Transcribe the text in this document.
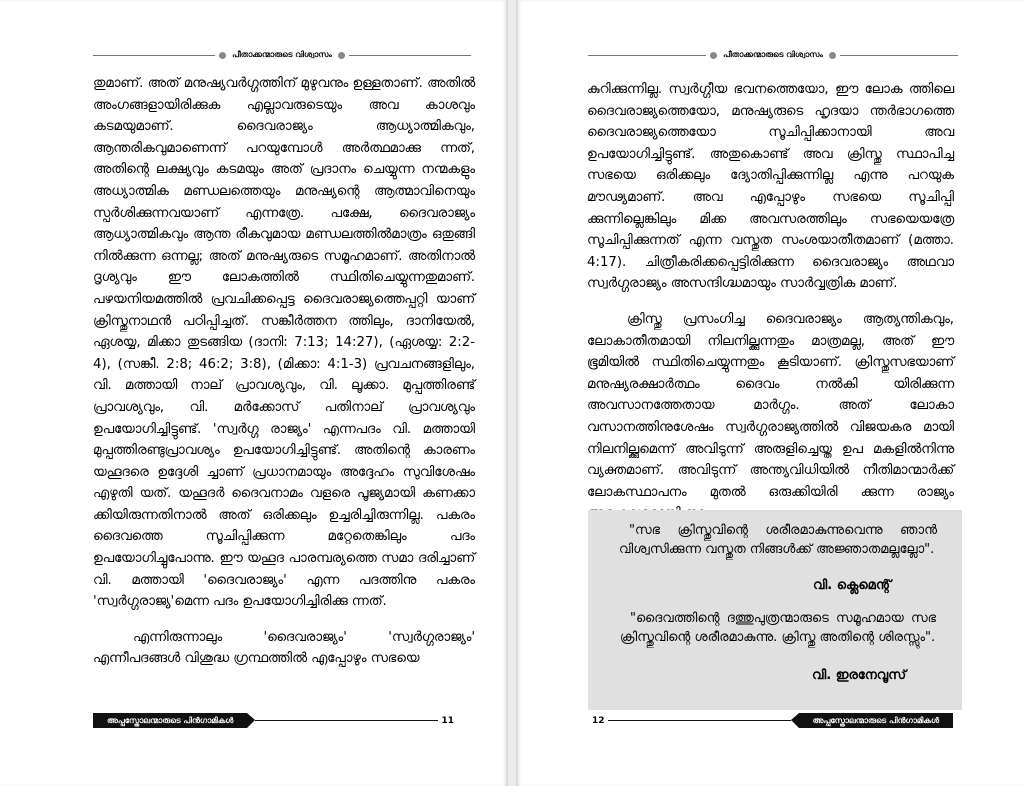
പീതാക്കന്മാരുടെ വിശ്വാസം	പീതാക്കന്മാരുടെ വിശ്വാസം

തുമാണ്. അത് മനുഷ്യവർഗ്ഗത്തിന് മുഴുവനും ഉള്ളതാണ്. അതിൽ അംഗങ്ങളായിരിക്കുക എല്ലാവരുടെയും അവ കാശവും കടമയുമാണ്. ദൈവരാജ്യം ആധ്യാത്മികവും, ആന്തരികവുമാണെന്ന് പറയുമ്പോൾ അർത്ഥമാക്കു ന്നത്, അതിന്റെ ലക്ഷ്യവും കടമയും അത് പ്രദാനം ചെയ്യുന്ന നന്മകളും അധ്യാത്മിക മണ്ഡലത്തെയും മനുഷ്യന്റെ ആത്മാവിനെയും സ്പർശിക്കുന്നവയാണ് എന്നത്രേ. പക്ഷേ, ദൈവരാജ്യം ആധ്യാത്മികവും ആന്ത രീകവുമായ മണ്ഡലത്തിൽമാത്രം ഒതുങ്ങി നിൽക്കുന്ന ഒന്നല്ല; അത് മനുഷ്യരുടെ സമൂഹമാണ്. അതിനാൽ ദൃശ്യവും ഈ ലോകത്തിൽ സ്ഥിതിചെയ്യുന്നതുമാണ്. പഴയനിയമത്തിൽ പ്രവചിക്കപ്പെട്ട ദൈവരാജ്യത്തെപ്പറ്റി യാണ് ക്രിസ്തുനാഥൻ പഠിപ്പിച്ചത്. സങ്കീർത്തന ത്തിലും, ദാനിയേൽ, ഏശയ്യ, മിക്കാ തുടങ്ങിയ (ദാനി: 7:13; 14:27), (ഏശയ്യ: 2:2-4), (സങ്കീ. 2:8; 46:2; 3:8), (മിക്കാ: 4:1-3) പ്രവചനങ്ങളിലും, വി. മത്തായി നാല് പ്രാവശ്യവും, വി. ലൂക്കാ. മുപ്പത്തിരണ്ട് പ്രാവശ്യവും, വി. മർക്കോസ് പതിനാല് പ്രാവശ്യവും ഉപയോഗിച്ചിട്ടുണ്ട്. 'സ്വർഗ്ഗ രാജ്യം' എന്നപദം വി. മത്തായി മുപ്പത്തിരണ്ടുപ്രാവശ്യം ഉപയോഗിച്ചിട്ടുണ്ട്. അതിന്റെ കാരണം യഹൂദരെ ഉദ്ദേശി ച്ചാണ് പ്രധാനമായും അദ്ദേഹം സുവിശേഷം എഴുതി യത്. യഹൂദർ ദൈവനാമം വളരെ പൂജ്യമായി കണക്കാ ക്കിയിരുന്നതിനാൽ അത് ഒരിക്കലും ഉച്ചരിച്ചിരുന്നില്ല. പകരം ദൈവത്തെ സൂചിപ്പിക്കുന്ന മറ്റേതെങ്കിലും പദം ഉപയോഗിച്ചുപോന്നു. ഈ യഹൂദ പാരമ്പര്യത്തെ സമാ ദരിച്ചാണ് വി. മത്തായി 'ദൈവരാജ്യം' എന്ന പദത്തിനു പകരം 'സ്വർഗ്ഗരാജ്യ'മെന്ന പദം ഉപയോഗിച്ചിരിക്കു ന്നത്.

എന്നിരുന്നാലും 'ദൈവരാജ്യം' 'സ്വർഗ്ഗരാജ്യം' എന്നീപദങ്ങൾ വിശുദ്ധ ഗ്രന്ഥത്തിൽ എപ്പോഴും സഭയെ

കുറിക്കുന്നില്ല. സ്വർഗ്ഗീയ ഭവനത്തെയോ, ഈ ലോക ത്തിലെ ദൈവരാജ്യത്തെയോ, മനുഷ്യരുടെ ഹൃദയാ ന്തർഭാഗത്തെ ദൈവരാജ്യത്തെയോ സൂചിപ്പിക്കാനായി അവ ഉപയോഗിച്ചിട്ടുണ്ട്. അതുകൊണ്ട് അവ ക്രിസ്തു സ്ഥാപിച്ച സഭയെ ഒരിക്കലും ദ്യോതിപ്പിക്കുന്നില്ല എന്നു പറയുക മൗഢ്യമാണ്. അവ എപ്പോഴും സഭയെ സൂചിപ്പി ക്കുന്നില്ലെങ്കിലും മിക്ക അവസരത്തിലും സഭയെയത്രേ സൂചിപ്പിക്കുന്നത് എന്ന വസ്തുത സംശയാതീതമാണ് (മത്താ. 4:17). ചിത്രീകരിക്കപ്പെട്ടിരിക്കുന്ന ദൈവരാജ്യം അഥവാ സ്വർഗ്ഗരാജ്യം അസന്ദിഗ്ദ്ധമായും സാർവ്വത്രിക മാണ്.

ക്രിസ്തു പ്രസംഗിച്ച ദൈവരാജ്യം ആത്യന്തികവും, ലോകാതീതമായി നിലനില്ക്കുന്നതും മാത്രമല്ല, അത് ഈ ഭൂമിയിൽ സ്ഥിതിചെയ്യുന്നതും കൂടിയാണ്. ക്രിസ്തുസഭയാണ് മനുഷ്യരക്ഷാർത്ഥം ദൈവം നൽകി യിരിക്കുന്ന അവസാനത്തേതായ മാർഗ്ഗം. അത് ലോകാ വസാനത്തിനുശേഷം സ്വർഗ്ഗരാജ്യത്തിൽ വിജയകര മായി നിലനില്ക്കുമെന്ന് അവിടുന്ന് അരുളിച്ചെയ്ത ഉപ മകളിൽനിന്നു വ്യക്തമാണ്. അവിടുന്ന് അന്ത്യവിധിയിൽ നീതിമാന്മാർക്ക് ലോകസ്ഥാപനം മുതൽ ഒരുക്കിയിരി ക്കുന്ന രാജ്യം

"സഭ ക്രിസ്തുവിന്റെ ശരീരമാകുന്നുവെന്നു ഞാൻ വിശ്വസിക്കുന്ന വസ്തുത നിങ്ങൾക്ക് അജ്ഞാതമല്ലല്ലോ".

വി. ക്ലെമെന്റ്

"ദൈവത്തിന്റെ ദത്തുപുത്രന്മാരുടെ സമൂഹമായ സഭ ക്രിസ്തുവിന്റെ ശരീരമാകുന്നു. ക്രിസ്തു അതിന്റെ ശിരസ്സും".

വി. ഇരനേവൂസ്
അപ്പസ്തോലന്മാരുടെ പിൻഗാമികൾ	11	12	അപ്പസ്തോലന്മാരുടെ പിൻഗാമികൾ
